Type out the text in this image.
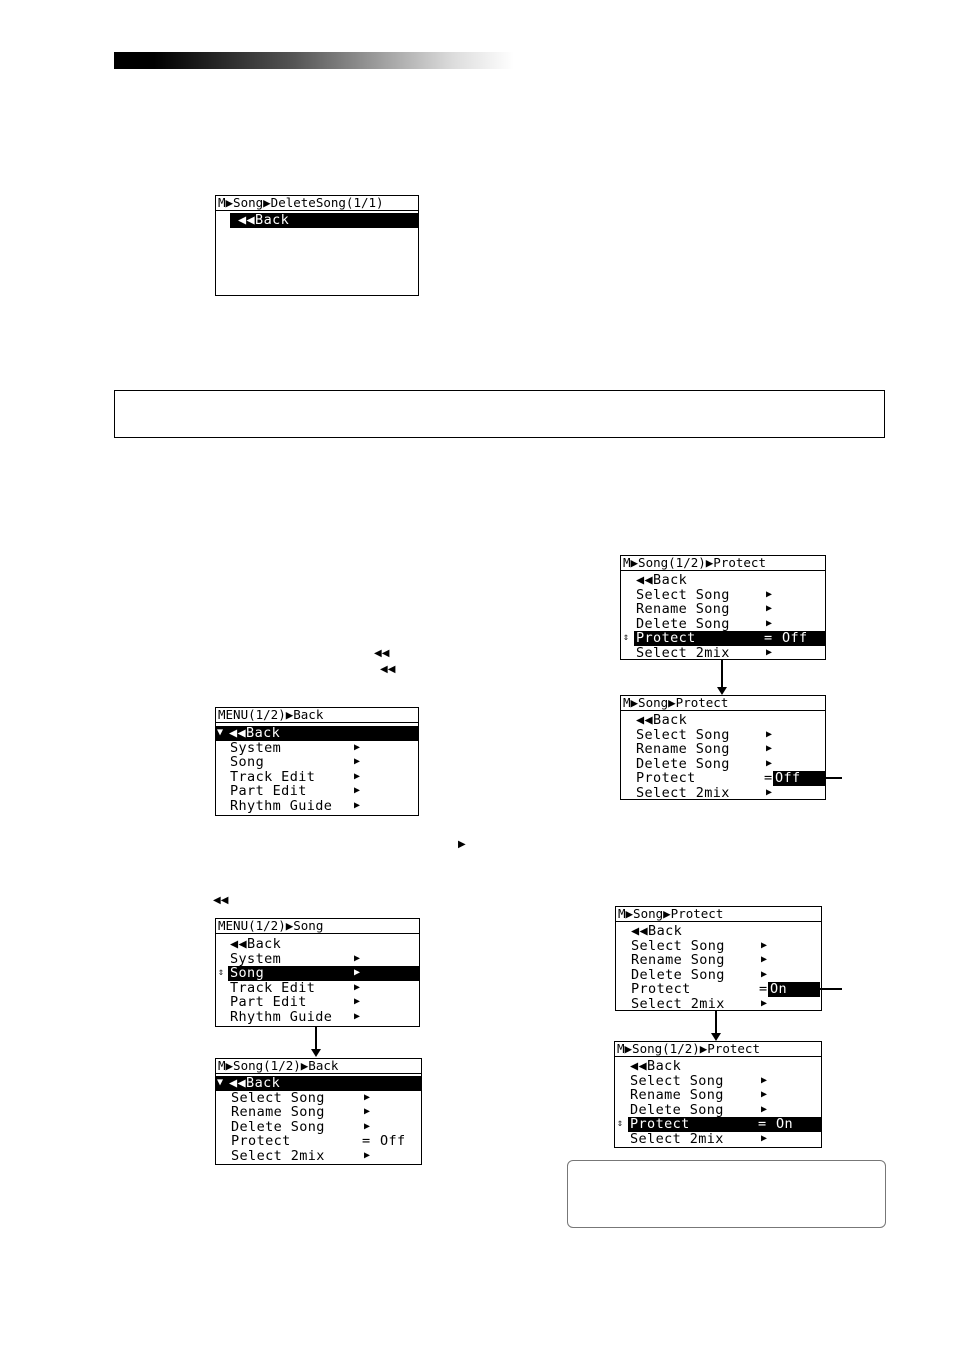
M▶Song▶DeleteSong(1/1)

◀◀Back

◀◀
◀◀
▶
◀◀
MENU(1/2)▶Back

▼

◀◀Back

System

	▶

Song

	▶

Track Edit

	▶

Part Edit

	▶

Rhythm Guide

▶

MENU(1/2)▶Song

◀◀Back

System

	▶

Song

	▶

⇕

Track Edit

	▶

Part Edit

	▶

Rhythm Guide

▶

M▶Song(1/2)▶Back

▼

◀◀Back

Select Song

	▶

Rename Song

	▶

Delete Song

	▶

Protect

	=

Off

Select 2mix

	▶

M▶Song(1/2)▶Protect

◀◀Back

Select Song

	▶

Rename Song

	▶

Delete Song

	▶

Protect

	=

Off

⇕

Select 2mix

	▶

M▶Song▶Protect

◀◀Back

Select Song

	▶

Rename Song

	▶

Delete Song

	▶

Protect

	=

Off

Select 2mix

	▶

M▶Song▶Protect

◀◀Back

Select Song

	▶

Rename Song

	▶

Delete Song

	▶

Protect

	=

On

Select 2mix

	▶

M▶Song(1/2)▶Protect

◀◀Back

Select Song

	▶

Rename Song

	▶

Delete Song

	▶

Protect

	=

On

⇕

Select 2mix

	▶
